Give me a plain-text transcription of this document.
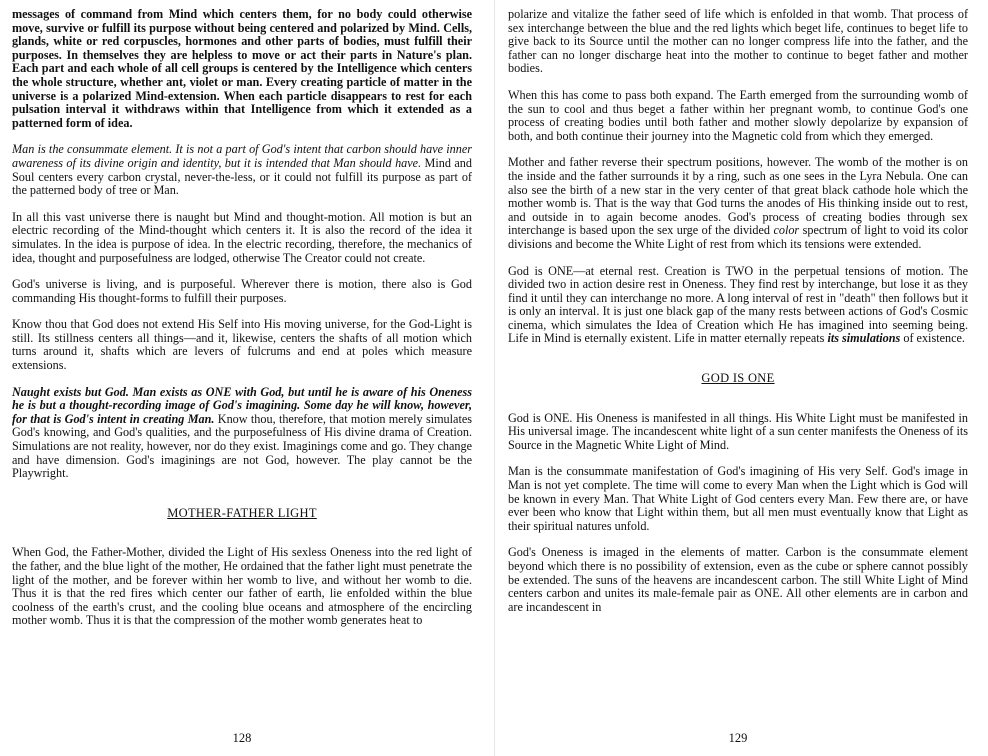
messages of command from Mind which centers them, for no body could otherwise move, survive or fulfill its purpose without being centered and polarized by Mind. Cells, glands, white or red corpuscles, hormones and other parts of bodies, must fulfill their purposes. In themselves they are helpless to move or act their parts in Nature's plan. Each part and each whole of all cell groups is centered by the Intelligence which centers the whole structure, whether ant, violet or man. Every creating particle of matter in the universe is a polarized Mind-extension. When each particle disappears to rest for each pulsation interval it withdraws within that Intelligence from which it extended as a patterned form of idea.

Man is the consummate element. It is not a part of God's intent that carbon should have inner awareness of its divine origin and identity, but it is intended that Man should have. Mind and Soul centers every carbon crystal, never-the-less, or it could not fulfill its purpose as part of the patterned body of tree or Man.

In all this vast universe there is naught but Mind and thought-motion. All motion is but an electric recording of the Mind-thought which centers it. It is also the record of the idea it simulates. In the idea is purpose of idea. In the electric recording, therefore, the mechanics of idea, thought and purposefulness are lodged, otherwise The Creator could not create.

God's universe is living, and is purposeful. Wherever there is motion, there also is God commanding His thought-forms to fulfill their purposes.

Know thou that God does not extend His Self into His moving universe, for the God-Light is still. Its stillness centers all things—and it, likewise, centers the shafts of all motion which turns around it, shafts which are levers of fulcrums and end at poles which measure extensions.

Naught exists but God. Man exists as ONE with God, but until he is aware of his Oneness he is but a thought-recording image of God's imagining. Some day he will know, however, for that is God's intent in creating Man. Know thou, therefore, that motion merely simulates God's knowing, and God's qualities, and the purposefulness of His divine drama of Creation. Simulations are not reality, however, nor do they exist. Imaginings come and go. They change and have dimension. God's imaginings are not God, however. The play cannot be the Playwright.

MOTHER-FATHER LIGHT

When God, the Father-Mother, divided the Light of His sexless Oneness into the red light of the father, and the blue light of the mother, He ordained that the father light must penetrate the light of the mother, and be forever within her womb to live, and without her womb to die. Thus it is that the red fires which center our father of earth, lie enfolded within the blue coolness of the earth's crust, and the cooling blue oceans and atmosphere of the encircling mother womb. Thus it is that the compression of the mother womb generates heat to

128

polarize and vitalize the father seed of life which is enfolded in that womb. That process of sex interchange between the blue and the red lights which beget life, continues to beget life to give back to its Source until the mother can no longer compress life into the father, and the father can no longer discharge heat into the mother to continue to beget father and mother bodies.

When this has come to pass both expand. The Earth emerged from the surrounding womb of the sun to cool and thus beget a father within her pregnant womb, to continue God's one process of creating bodies until both father and mother slowly depolarize by expansion of both, and both continue their journey into the Magnetic cold from which they emerged.

Mother and father reverse their spectrum positions, however. The womb of the mother is on the inside and the father surrounds it by a ring, such as one sees in the Lyra Nebula. One can also see the birth of a new star in the very center of that great black cathode hole which the mother womb is. That is the way that God turns the anodes of His thinking inside out to rest, and outside in to again become anodes. God's process of creating bodies through sex interchange is based upon the sex urge of the divided color spectrum of light to void its color divisions and become the White Light of rest from which its tensions were extended.

God is ONE—at eternal rest. Creation is TWO in the perpetual tensions of motion. The divided two in action desire rest in Oneness. They find rest by interchange, but lose it as they find it until they can interchange no more. A long interval of rest in "death" then follows but it is only an interval. It is just one black gap of the many rests between actions of God's Cosmic cinema, which simulates the Idea of Creation which He has imagined into seeming being. Life in Mind is eternally existent. Life in matter eternally repeats its simulations of existence.

GOD IS ONE

God is ONE. His Oneness is manifested in all things. His White Light must be manifested in His universal image. The incandescent white light of a sun center manifests the Oneness of its Source in the Magnetic White Light of Mind.

Man is the consummate manifestation of God's imagining of His very Self. God's image in Man is not yet complete. The time will come to every Man when the Light which is God will be known in every Man. That White Light of God centers every Man. Few there are, or have ever been who know that Light within them, but all men must eventually know that Light as their spiritual natures unfold.

God's Oneness is imaged in the elements of matter. Carbon is the consummate element beyond which there is no possibility of extension, even as the cube or sphere cannot possibly be extended. The suns of the heavens are incandescent carbon. The still White Light of Mind centers carbon and unites its male-female pair as ONE. All other elements are in carbon and are incandescent in

129
